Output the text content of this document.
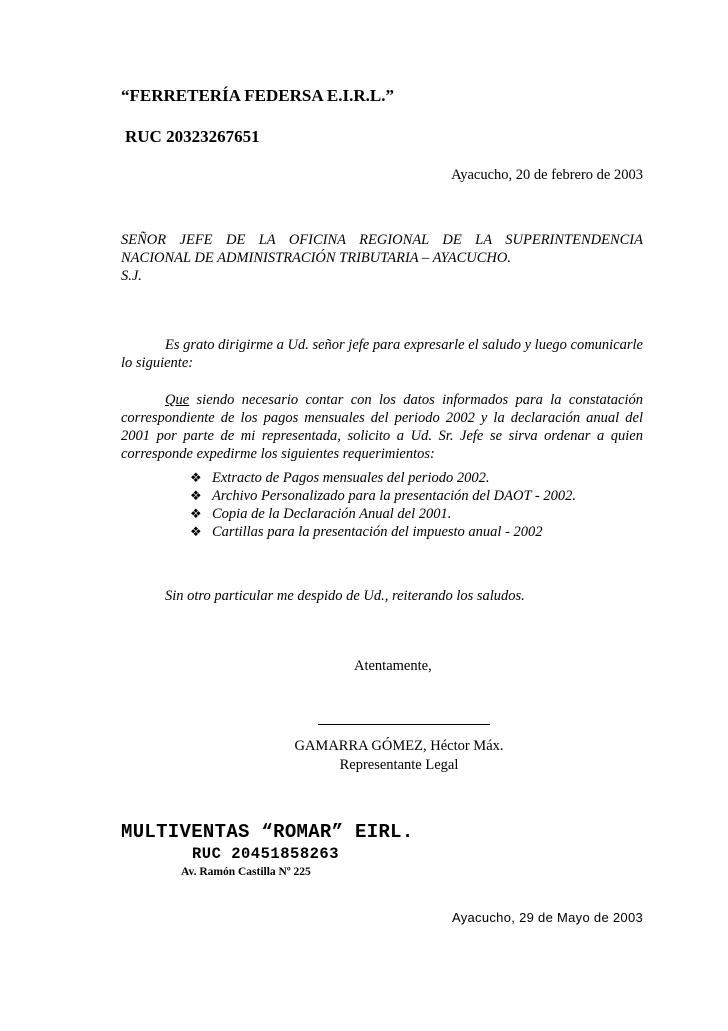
“FERRETERÍA FEDERSA E.I.R.L.”
RUC 20323267651
Ayacucho, 20 de febrero de 2003
SEÑOR JEFE DE LA OFICINA REGIONAL DE LA SUPERINTENDENCIA
NACIONAL DE ADMINISTRACIÓN TRIBUTARIA – AYACUCHO.
S.J.
Es grato dirigirme a Ud. señor jefe para expresarle el saludo y luego comunicarle lo siguiente:
Que siendo necesario contar con los datos informados para la constatación correspondiente de los pagos mensuales del periodo 2002 y la declaración anual del 2001 por parte de mi representada, solicito a Ud. Sr. Jefe se sirva ordenar a quien corresponde expedirme los siguientes requerimientos:
❖ Extracto de Pagos mensuales del periodo 2002.
❖ Archivo Personalizado para la presentación del DAOT - 2002.
❖ Copia de la Declaración Anual del 2001.
❖ Cartillas para la presentación del impuesto anual - 2002
Sin otro particular me despido de Ud., reiterando los saludos.
Atentamente,
GAMARRA GÓMEZ, Héctor Máx.
Representante Legal
MULTIVENTAS “ROMAR” EIRL.
RUC 20451858263
Av. Ramón Castilla Nº 225
Ayacucho, 29 de Mayo de 2003
